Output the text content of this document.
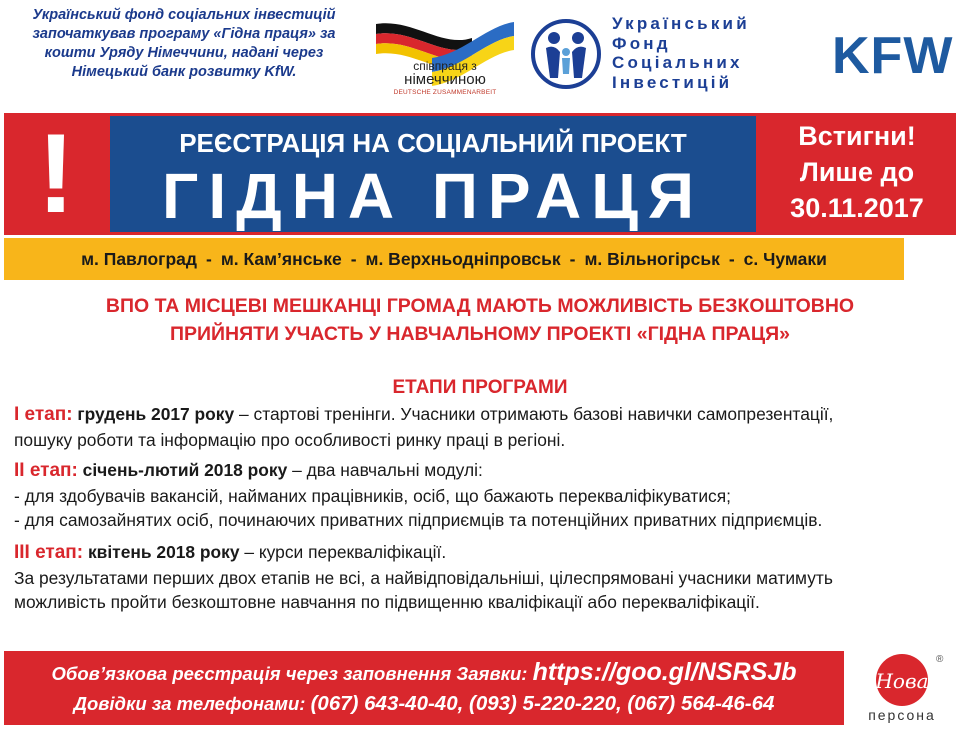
Український фонд соціальних інвестицій започаткував програму «Гідна праця» за кошти Уряду Німеччини, надані через Німецький банк розвитку KfW.	співпраця з
німеччиною
DEUTSCHE ZUSAMMENARBEIT
Український
Фонд
Соціальних
Інвестицій	KFW
!	РЕЄСТРАЦІЯ НА СОЦІАЛЬНИЙ ПРОЕКТ
ГІДНА ПРАЦЯ
Встигни!
Лише до
30.11.2017
м. Павлоград - м. Кам’янське - м. Верхньодніпровськ - м. Вільногірськ - с. Чумаки
ВПО ТА МІСЦЕВІ МЕШКАНЦІ ГРОМАД МАЮТЬ МОЖЛИВІСТЬ БЕЗКОШТОВНО
ПРИЙНЯТИ УЧАСТЬ У НАВЧАЛЬНОМУ ПРОЕКТІ «ГІДНА ПРАЦЯ»
ЕТАПИ ПРОГРАМИ
I етап: грудень 2017 року – стартові тренінги. Учасники отримають базові навички самопрезентації,
пошуку роботи та інформацію про особливості ринку праці в регіоні.
II етап: січень-лютий 2018 року – два навчальні модулі:
- для здобувачів вакансій, найманих працівників, осіб, що бажають перекваліфікуватися;
- для самозайнятих осіб, починаючих приватних підприємців та потенційних приватних підприємців.
III етап: квітень 2018 року – курси перекваліфікації.
За результатами перших двох етапів не всі, а найвідповідальніші, цілеспрямовані учасники матимуть
можливість пройти безкоштовне навчання по підвищенню кваліфікації або перекваліфікації.
Обов’язкова реєстрація через заповнення Заявки: https://goo.gl/NSRSJb
Довідки за телефонами: (067) 643-40-40, (093) 5-220-220, (067) 564-46-64
Нова
®
персона
